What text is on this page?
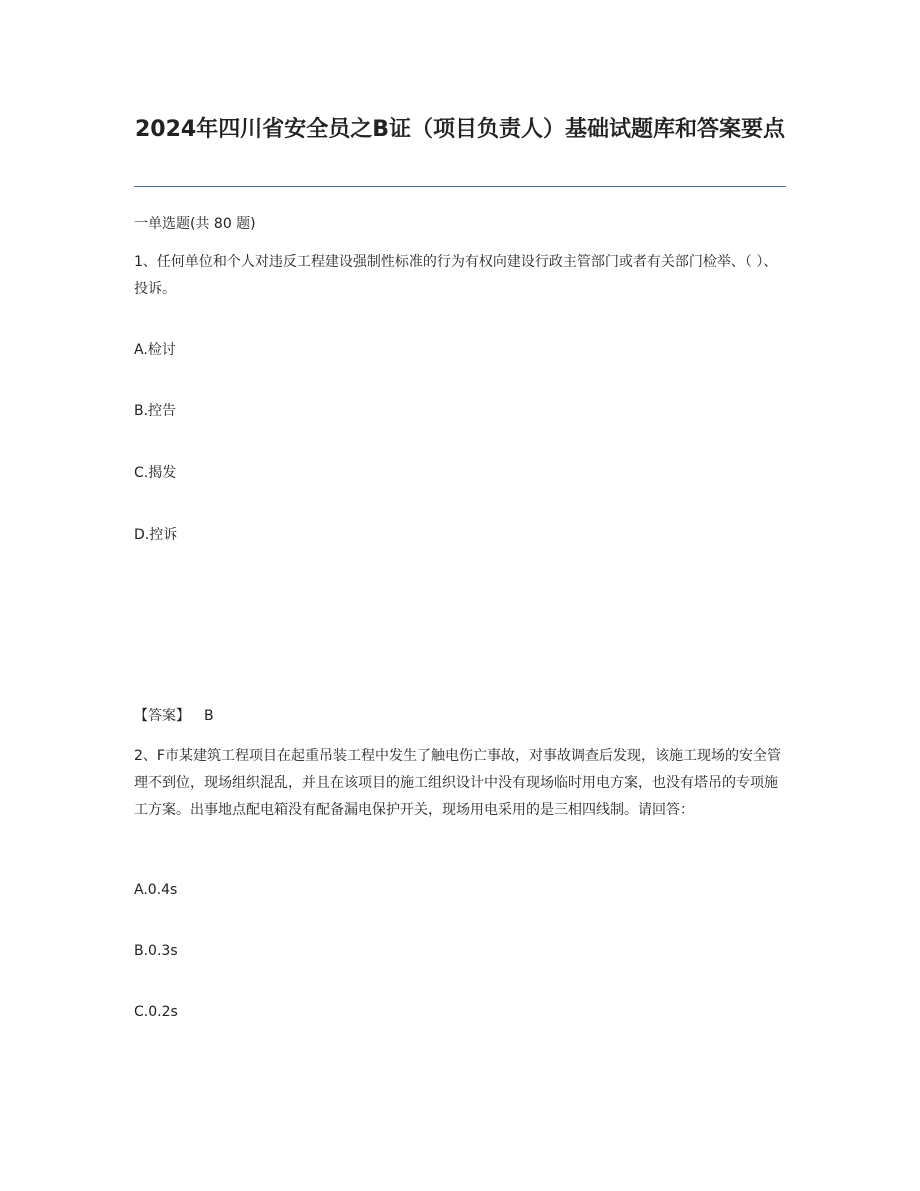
2024年四川省安全员之B证（项目负责人）基础试题库和答案要点
一单选题(共 80 题)
1、任何单位和个人对违反工程建设强制性标准的行为有权向建设行政主管部门或者有关部门检举、（ ）、投诉。
A.检讨
B.控告
C.揭发
D.控诉
【答案】 B
2、F市某建筑工程项目在起重吊装工程中发生了触电伤亡事故，对事故调查后发现，该施工现场的安全管理不到位，现场组织混乱，并且在该项目的施工组织设计中没有现场临时用电方案，也没有塔吊的专项施工方案。出事地点配电箱没有配备漏电保护开关，现场用电采用的是三相四线制。请回答：
A.0.4s
B.0.3s
C.0.2s
